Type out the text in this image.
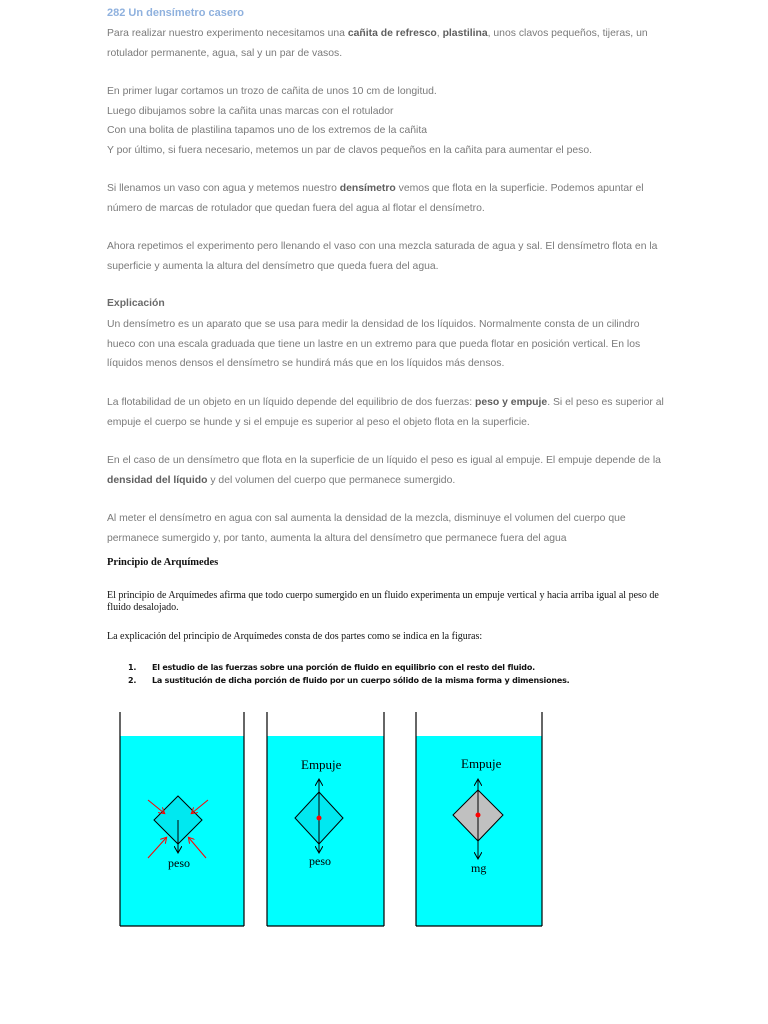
282 Un densímetro casero

Para realizar nuestro experimento necesitamos una cañita de refresco, plastilina, unos clavos pequeños, tijeras, un rotulador permanente, agua, sal y un par de vasos.

En primer lugar cortamos un trozo de cañita de unos 10 cm de longitud.
Luego dibujamos sobre la cañita unas marcas con el rotulador
Con una bolita de plastilina tapamos uno de los extremos de la cañita
Y por último, si fuera necesario, metemos un par de clavos pequeños en la cañita para aumentar el peso.

Si llenamos un vaso con agua y metemos nuestro densímetro vemos que flota en la superficie. Podemos apuntar el número de marcas de rotulador que quedan fuera del agua al flotar el densímetro.

Ahora repetimos el experimento pero llenando el vaso con una mezcla saturada de agua y sal. El densímetro flota en la superficie y aumenta la altura del densímetro que queda fuera del agua.

Explicación

Un densímetro es un aparato que se usa para medir la densidad de los líquidos. Normalmente consta de un cilindro hueco con una escala graduada que tiene un lastre en un extremo para que pueda flotar en posición vertical. En los líquidos menos densos el densímetro se hundirá más que en los líquidos más densos.

La flotabilidad de un objeto en un líquido depende del equilibrio de dos fuerzas: peso y empuje. Si el peso es superior al empuje el cuerpo se hunde y si el empuje es superior al peso el objeto flota en la superficie.

En el caso de un densímetro que flota en la superficie de un líquido el peso es igual al empuje. El empuje depende de la densidad del líquido y del volumen del cuerpo que permanece sumergido.

Al meter el densímetro en agua con sal aumenta la densidad de la mezcla, disminuye el volumen del cuerpo que permanece sumergido y, por tanto, aumenta la altura del densímetro que permanece fuera del agua

Principio de Arquímedes

El principio de Arquímedes afirma que todo cuerpo sumergido en un fluido experimenta un empuje vertical y hacia arriba igual al peso de fluido desalojado.

La explicación del principio de Arquímedes consta de dos partes como se indica en la figuras:

1. El estudio de las fuerzas sobre una porción de fluido en equilibrio con el resto del fluido.
2. La sustitución de dicha porción de fluido por un cuerpo sólido de la misma forma y dimensiones.
peso
Empuje
peso
Empuje
mg
